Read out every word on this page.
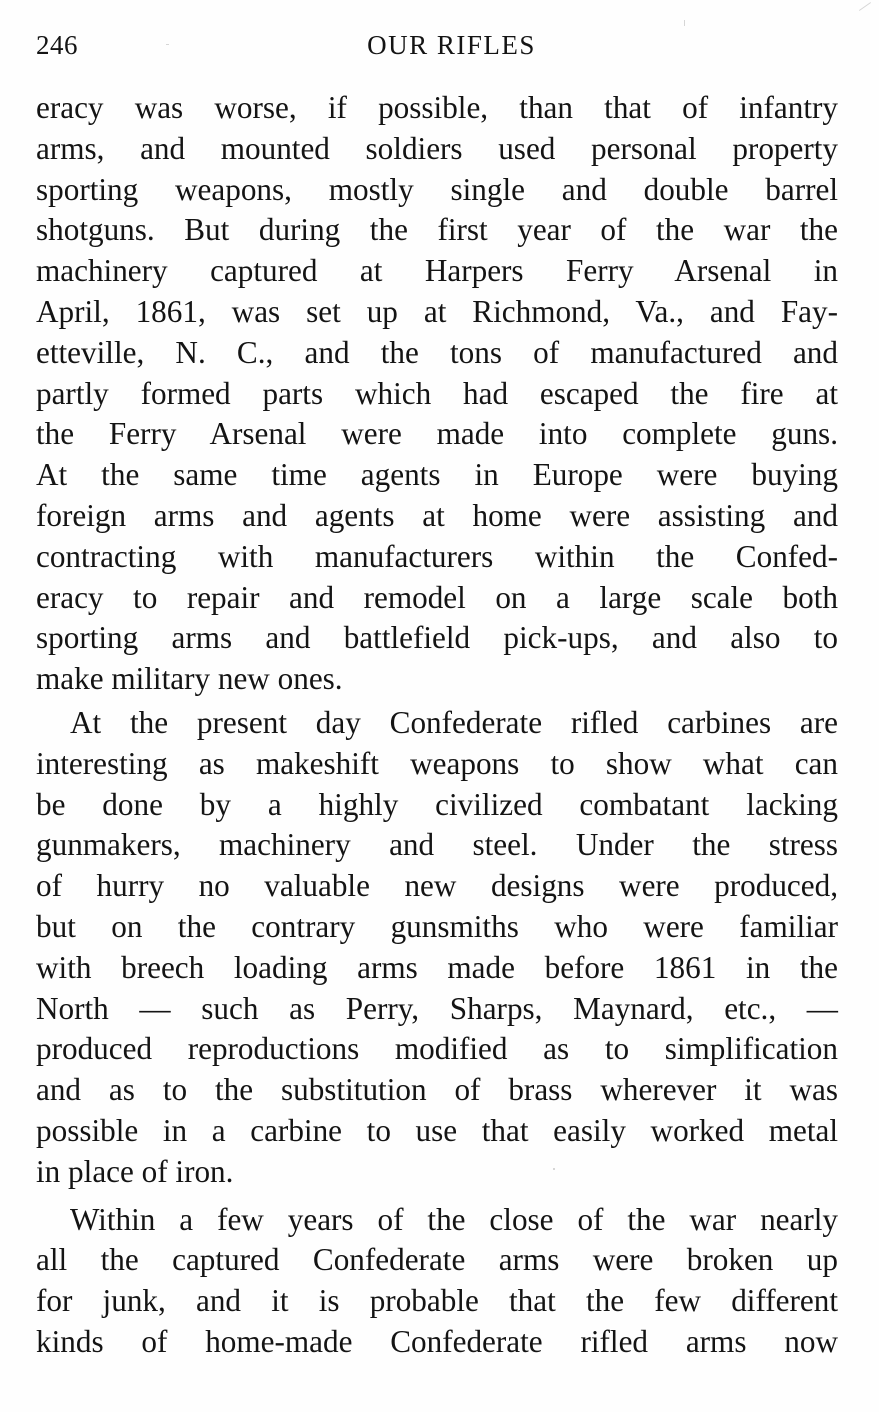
246	OUR RIFLES

eracy was worse, if possible, than that of infantry
arms, and mounted soldiers used personal property
sporting weapons, mostly single and double barrel
shotguns. But during the first year of the war the
machinery captured at Harpers Ferry Arsenal in
April, 1861, was set up at Richmond, Va., and Fay-
etteville, N. C., and the tons of manufactured and
partly formed parts which had escaped the fire at
the Ferry Arsenal were made into complete guns.
At the same time agents in Europe were buying
foreign arms and agents at home were assisting and
contracting with manufacturers within the Confed-
eracy to repair and remodel on a large scale both
sporting arms and battlefield pick-ups, and also to
make military new ones.

At the present day Confederate rifled carbines are
interesting as makeshift weapons to show what can
be done by a highly civilized combatant lacking
gunmakers, machinery and steel. Under the stress
of hurry no valuable new designs were produced,
but on the contrary gunsmiths who were familiar
with breech loading arms made before 1861 in the
North — such as Perry, Sharps, Maynard, etc., —
produced reproductions modified as to simplification
and as to the substitution of brass wherever it was
possible in a carbine to use that easily worked metal
in place of iron.

Within a few years of the close of the war nearly
all the captured Confederate arms were broken up
for junk, and it is probable that the few different
kinds of home-made Confederate rifled arms now
